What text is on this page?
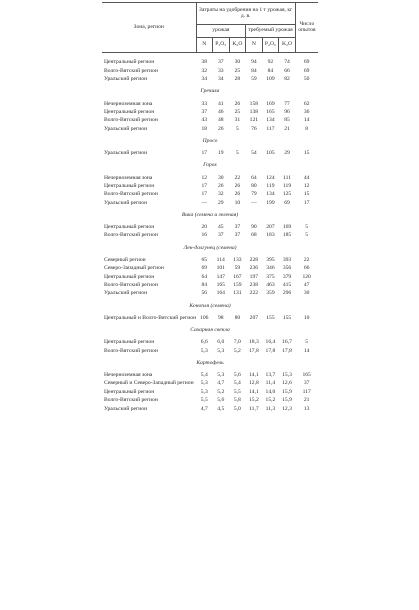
Зона, регион	Затраты на удобрения на 1 т урожая, кг д. в.						Число опытов
	урожая			требуемый урожая			
	N	P₂O₅	K₂O	N	P₂O₅	K₂O	

Центральный регион	38	37	30	94	92	74	69
Волго-Вятский регион	32	33	25	84	84	66	69
Уральский регион	34	34	28	59	109	82	50
Гречиха							
Нечерноземная зона	33	41	26	158	169	77	62
Центральный регион	37	46	25	138	165	96	36
Волго-Вятский регион	43	48	31	121	134	85	14
Уральский регион	18	26	5	76	117	21	8
Просо							
Уральский регион	17	19	5	54	105	29	15
Горох							
Нечерноземная зона	12	30	22	64	124	111	44
Центральный регион	17	26	26	80	119	119	12
Волго-Вятский регион	17	32	26	79	134	125	15
Уральский регион	—	29	10	—	199	69	17
Вика (семена и зеленая)							
Центральный регион	20	45	37	90	207	169	5
Волго-Вятский регион	16	37	37	68	183	185	5
Лен-долгунец (семена)							
Северный регион	65	114	133	228	395	393	22
Северо-Западный регион	69	101	59	236	346	356	66
Центральный регион	64	147	167	197	375	379	120
Волго-Вятский регион	84	165	159	238	463	415	47
Уральский регион	56	164	131	222	359	296	30
Конопля (семена)							
Центральный и Волго-Вятский регион	106	98	80	207	155	155	10
Сахарная свекла							
Центральный регион	6,6	6,0	7,0	18,3	16,4	16,7	5
Волго-Вятский регион	5,3	5,3	5,2	17,8	17,8	17,8	14
Картофель							
Нечерноземная зона	5,4	5,3	5,6	14,1	13,7	15,3	165
Северный и Северо-Западный регион	5,3	4,7	5,4	12,8	11,4	12,6	37
Центральный регион	5,3	5,2	5,5	14,1	14,0	15,9	117
Волго-Вятский регион	5,5	5,6	5,8	15,2	15,2	15,9	21
Уральский регион	4,7	4,5	5,0	11,7	11,3	12,3	13
